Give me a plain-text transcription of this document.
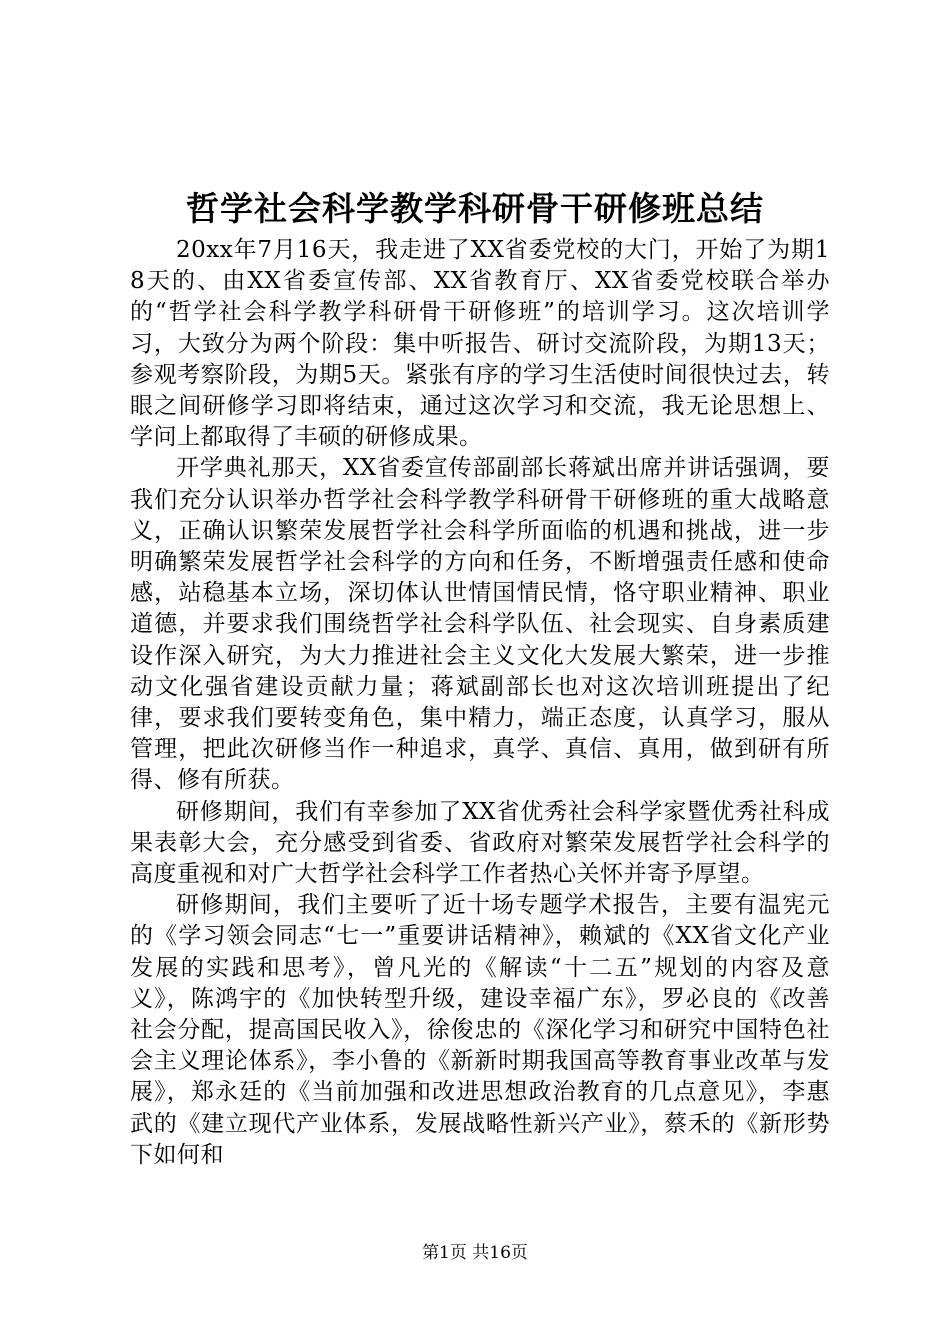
哲学社会科学教学科研骨干研修班总结

20xx年7月16天，我走进了XX省委党校的大门，开始了为期18天的、由XX省委宣传部、XX省教育厅、XX省委党校联合举办的“哲学社会科学教学科研骨干研修班”的培训学习。这次培训学习，大致分为两个阶段：集中听报告、研讨交流阶段，为期13天；参观考察阶段，为期5天。紧张有序的学习生活使时间很快过去，转眼之间研修学习即将结束，通过这次学习和交流，我无论思想上、学问上都取得了丰硕的研修成果。

开学典礼那天，XX省委宣传部副部长蒋斌出席并讲话强调，要我们充分认识举办哲学社会科学教学科研骨干研修班的重大战略意义，正确认识繁荣发展哲学社会科学所面临的机遇和挑战，进一步明确繁荣发展哲学社会科学的方向和任务，不断增强责任感和使命感，站稳基本立场，深切体认世情国情民情，恪守职业精神、职业道德，并要求我们围绕哲学社会科学队伍、社会现实、自身素质建设作深入研究，为大力推进社会主义文化大发展大繁荣，进一步推动文化强省建设贡献力量；蒋斌副部长也对这次培训班提出了纪律，要求我们要转变角色，集中精力，端正态度，认真学习，服从管理，把此次研修当作一种追求，真学、真信、真用，做到研有所得、修有所获。

研修期间，我们有幸参加了XX省优秀社会科学家暨优秀社科成果表彰大会，充分感受到省委、省政府对繁荣发展哲学社会科学的高度重视和对广大哲学社会科学工作者热心关怀并寄予厚望。

研修期间，我们主要听了近十场专题学术报告，主要有温宪元的《学习领会同志“七一”重要讲话精神》，赖斌的《XX省文化产业发展的实践和思考》，曾凡光的《解读“十二五”规划的内容及意义》，陈鸿宇的《加快转型升级，建设幸福广东》，罗必良的《改善社会分配，提高国民收入》，徐俊忠的《深化学习和研究中国特色社会主义理论体系》，李小鲁的《新新时期我国高等教育事业改革与发展》，郑永廷的《当前加强和改进思想政治教育的几点意见》，李惠武的《建立现代产业体系，发展战略性新兴产业》，蔡禾的《新形势下如何和

第1页 共16页
